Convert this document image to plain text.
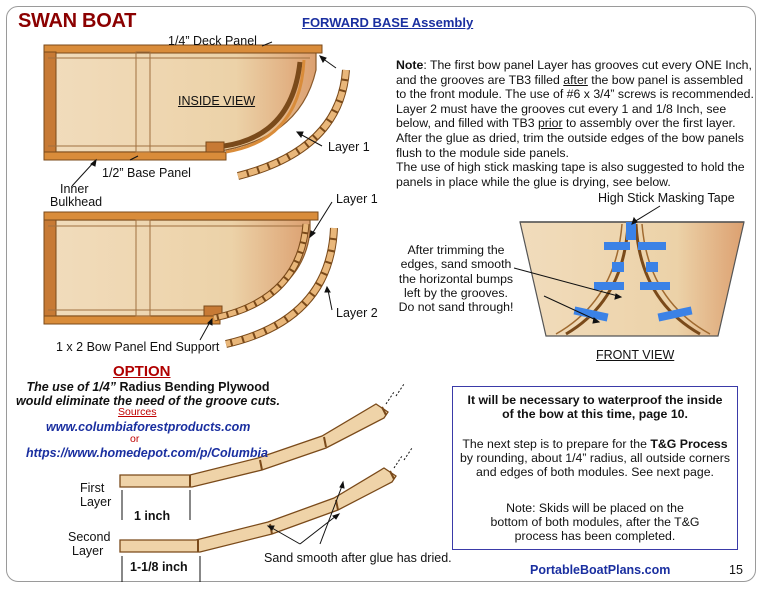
SWAN BOAT	FORWARD BASE Assembly
1/4” Deck Panel
INSIDE VIEW
Layer 1
1/2” Base Panel
Inner
Bulkhead	Layer 1
Layer 2
1 x 2 Bow Panel End Support
Note: The first bow panel Layer has grooves cut every ONE Inch,
and the grooves are TB3 filled after the bow panel is assembled
to the front module. The use of #6 x 3/4” screws is recommended.
Layer 2 must have the grooves cut every 1 and 1/8 Inch, see
below, and filled with TB3 prior to assembly over the first layer.
After the glue as dried, trim the outside edges of the bow panels
flush to the module side panels.
The use of high stick masking tape is also suggested to hold the
panels in place while the glue is drying, see below.
High Stick Masking Tape
After trimming the
edges, sand smooth
the horizontal bumps
left by the grooves.
Do not sand through!
FRONT VIEW
OPTION
The use of 1/4” Radius Bending Plywood would eliminate the need of the groove cuts.
Sources
www.columbiaforestproducts.com
or
https://www.homedepot.com/p/Columbia
First
Layer
1 inch
Second
Layer
1-1/8 inch
Sand smooth after glue has dried.

It will be necessary to waterproof the inside

of the bow at this time, page 10.

The next step is to prepare for the T&G Process

by rounding, about 1/4” radius, all outside corners

and edges of both modules. See next page.

Note: Skids will be placed on the

bottom of both modules, after the T&G

process has been completed.

PortableBoatPlans.com	15
